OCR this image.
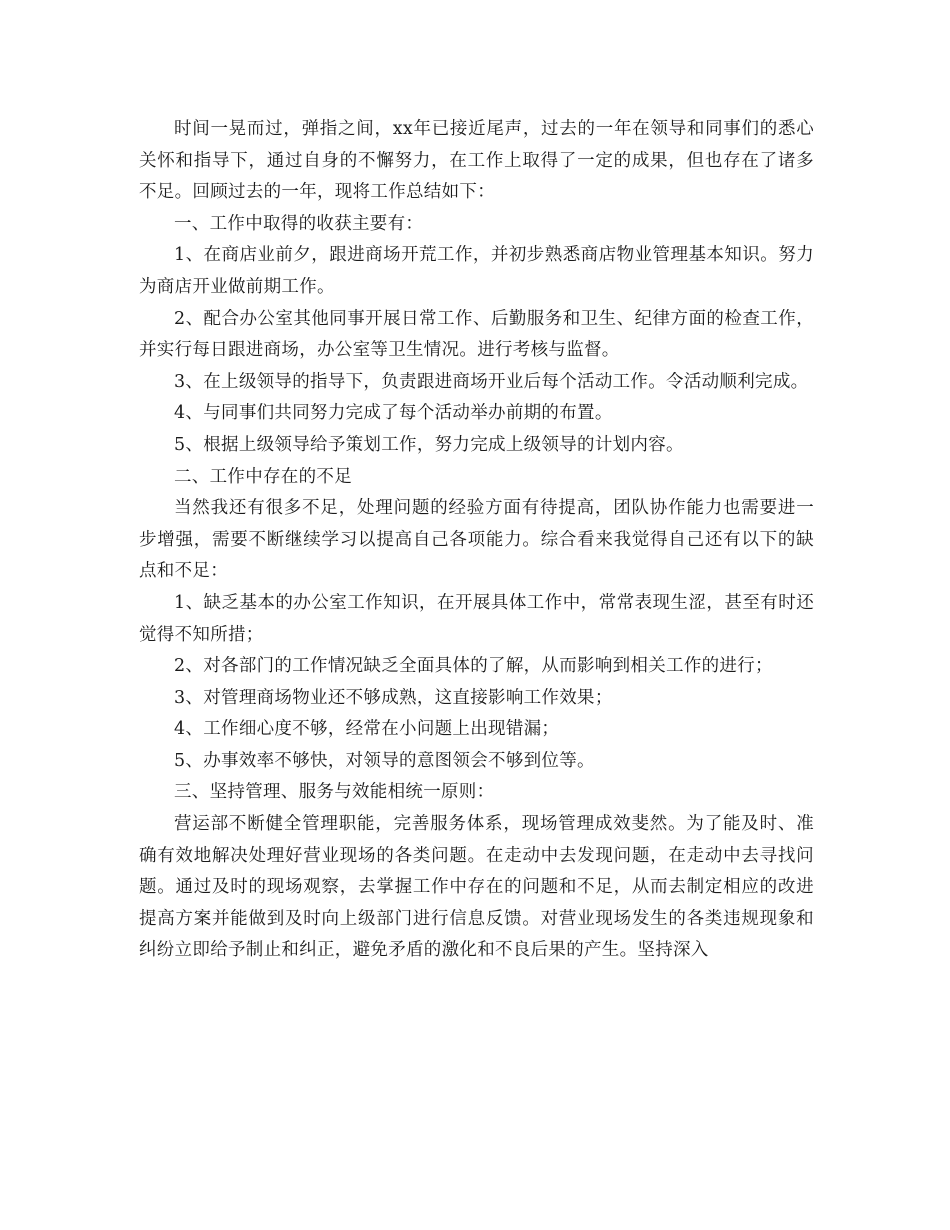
时间一晃而过，弹指之间，xx年已接近尾声，过去的一年在领导和同事们的悉心关怀和指导下，通过自身的不懈努力，在工作上取得了一定的成果，但也存在了诸多不足。回顾过去的一年，现将工作总结如下：

一、工作中取得的收获主要有：

1、在商店业前夕，跟进商场开荒工作，并初步熟悉商店物业管理基本知识。努力为商店开业做前期工作。

2、配合办公室其他同事开展日常工作、后勤服务和卫生、纪律方面的检查工作，并实行每日跟进商场，办公室等卫生情况。进行考核与监督。

3、在上级领导的指导下，负责跟进商场开业后每个活动工作。令活动顺利完成。

4、与同事们共同努力完成了每个活动举办前期的布置。

5、根据上级领导给予策划工作，努力完成上级领导的计划内容。

二、工作中存在的不足

当然我还有很多不足，处理问题的经验方面有待提高，团队协作能力也需要进一步增强，需要不断继续学习以提高自己各项能力。综合看来我觉得自己还有以下的缺点和不足：

1、缺乏基本的办公室工作知识，在开展具体工作中，常常表现生涩，甚至有时还觉得不知所措；

2、对各部门的工作情况缺乏全面具体的了解，从而影响到相关工作的进行；

3、对管理商场物业还不够成熟，这直接影响工作效果；

4、工作细心度不够，经常在小问题上出现错漏；

5、办事效率不够快，对领导的意图领会不够到位等。

三、坚持管理、服务与效能相统一原则：

营运部不断健全管理职能，完善服务体系，现场管理成效斐然。为了能及时、准确有效地解决处理好营业现场的各类问题。在走动中去发现问题，在走动中去寻找问题。通过及时的现场观察，去掌握工作中存在的问题和不足，从而去制定相应的改进提高方案并能做到及时向上级部门进行信息反馈。对营业现场发生的各类违规现象和纠纷立即给予制止和纠正，避免矛盾的激化和不良后果的产生。坚持深入
